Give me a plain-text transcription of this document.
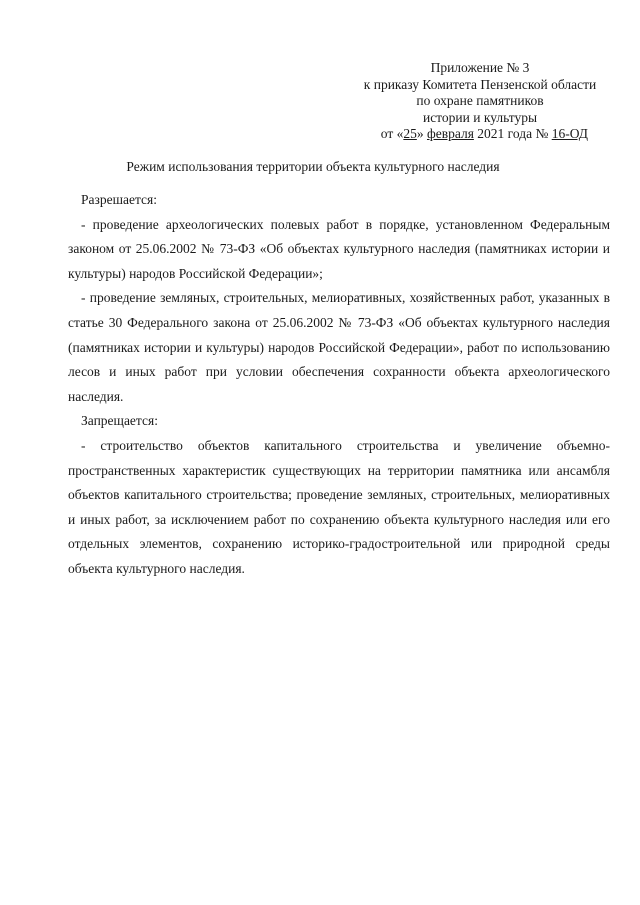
Приложение № 3
к приказу Комитета Пензенской области
по охране памятников
истории и культуры
от «25» февраля 2021 года № 16-ОД
Режим использования территории объекта культурного наследия

Разрешается:

- проведение археологических полевых работ в порядке, установленном Федеральным законом от 25.06.2002 № 73-ФЗ «Об объектах культурного наследия (памятниках истории и культуры) народов Российской Федерации»;

- проведение земляных, строительных, мелиоративных, хозяйственных работ, указанных в статье 30 Федерального закона от 25.06.2002 № 73-ФЗ «Об объектах культурного наследия (памятниках истории и культуры) народов Российской Федерации», работ по использованию лесов и иных работ при условии обеспечения сохранности объекта археологического наследия.

Запрещается:

- строительство объектов капитального строительства и увеличение объемно-пространственных характеристик существующих на территории памятника или ансамбля объектов капитального строительства; проведение земляных, строительных, мелиоративных и иных работ, за исключением работ по сохранению объекта культурного наследия или его отдельных элементов, сохранению историко-градостроительной или природной среды объекта культурного наследия.
